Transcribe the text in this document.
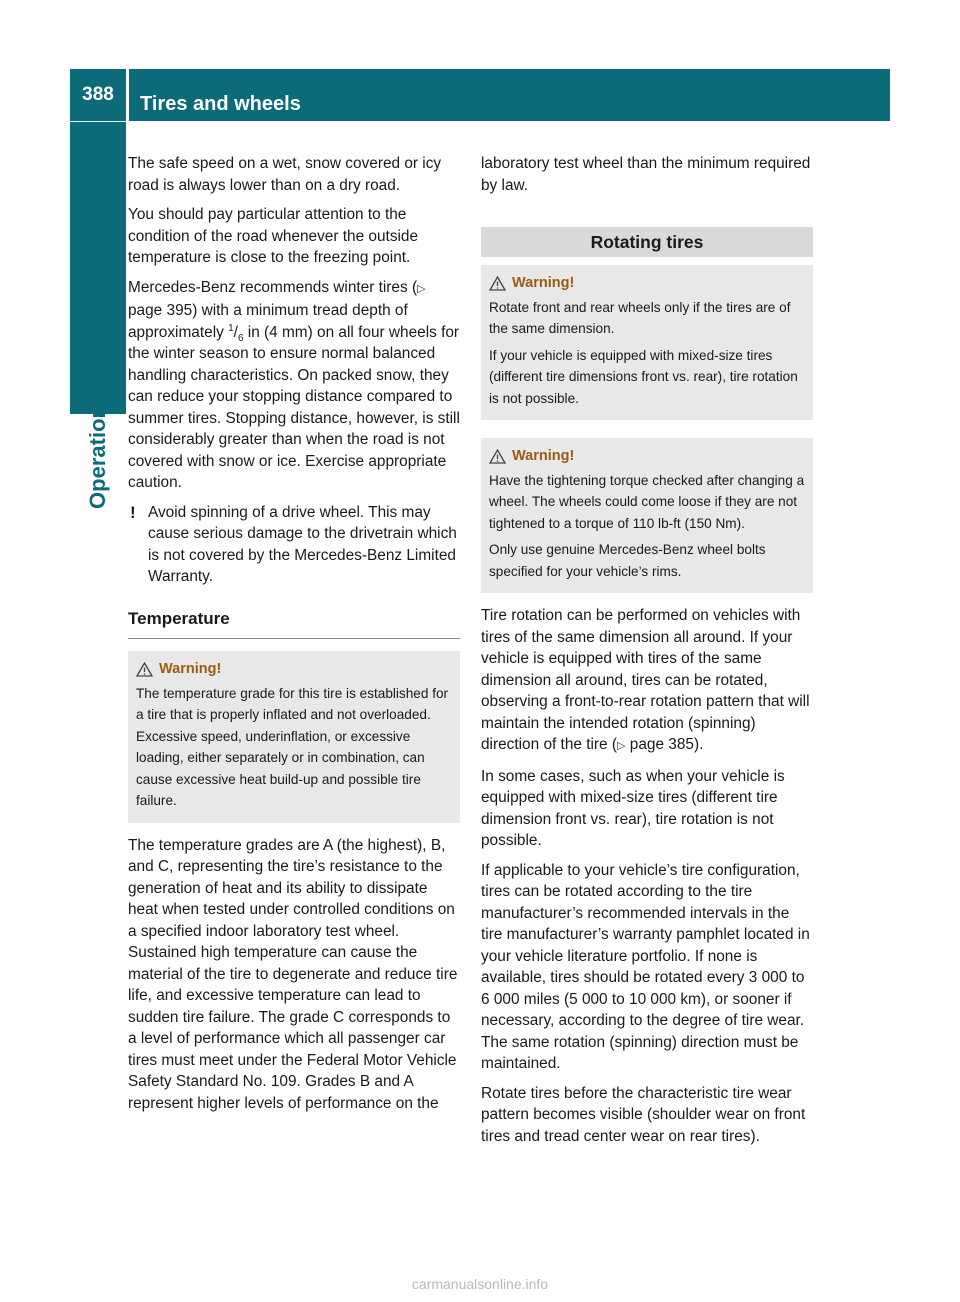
388	Tires and wheels
Operation

The safe speed on a wet, snow covered or icy road is always lower than on a dry road.

You should pay particular attention to the condition of the road whenever the outside temperature is close to the freezing point.

Mercedes-Benz recommends winter tires (▷ page 395) with a minimum tread depth of approximately $^1/_6$ in (4 mm) on all four wheels for the winter season to ensure normal balanced handling characteristics. On packed snow, they can reduce your stopping distance compared to summer tires. Stopping distance, however, is still considerably greater than when the road is not covered with snow or ice. Exercise appropriate caution.

! Avoid spinning of a drive wheel. This may cause serious damage to the drivetrain which is not covered by the Mercedes-Benz Limited Warranty.
Temperature
Warning!

The temperature grade for this tire is established for a tire that is properly inflated and not overloaded. Excessive speed, underinflation, or excessive loading, either separately or in combination, can cause excessive heat build-up and possible tire failure.

The temperature grades are A (the highest), B, and C, representing the tire’s resistance to the generation of heat and its ability to dissipate heat when tested under controlled conditions on a specified indoor laboratory test wheel. Sustained high temperature can cause the material of the tire to degenerate and reduce tire life, and excessive temperature can lead to sudden tire failure. The grade C corresponds to a level of performance which all passenger car tires must meet under the Federal Motor Vehicle Safety Standard No. 109. Grades B and A represent higher levels of performance on the

laboratory test wheel than the minimum required by law.

Rotating tires
Warning!

Rotate front and rear wheels only if the tires are of the same dimension.

If your vehicle is equipped with mixed-size tires (different tire dimensions front vs. rear), tire rotation is not possible.

Warning!

Have the tightening torque checked after changing a wheel. The wheels could come loose if they are not tightened to a torque of 110 lb-ft (150 Nm).

Only use genuine Mercedes-Benz wheel bolts specified for your vehicle’s rims.

Tire rotation can be performed on vehicles with tires of the same dimension all around. If your vehicle is equipped with tires of the same dimension all around, tires can be rotated, observing a front-to-rear rotation pattern that will maintain the intended rotation (spinning) direction of the tire (▷ page 385).

In some cases, such as when your vehicle is equipped with mixed-size tires (different tire dimension front vs. rear), tire rotation is not possible.

If applicable to your vehicle’s tire configuration, tires can be rotated according to the tire manufacturer’s recommended intervals in the tire manufacturer’s warranty pamphlet located in your vehicle literature portfolio. If none is available, tires should be rotated every 3 000 to 6 000 miles (5 000 to 10 000 km), or sooner if necessary, according to the degree of tire wear. The same rotation (spinning) direction must be maintained.

Rotate tires before the characteristic tire wear pattern becomes visible (shoulder wear on front tires and tread center wear on rear tires).

carmanualsonline.info
